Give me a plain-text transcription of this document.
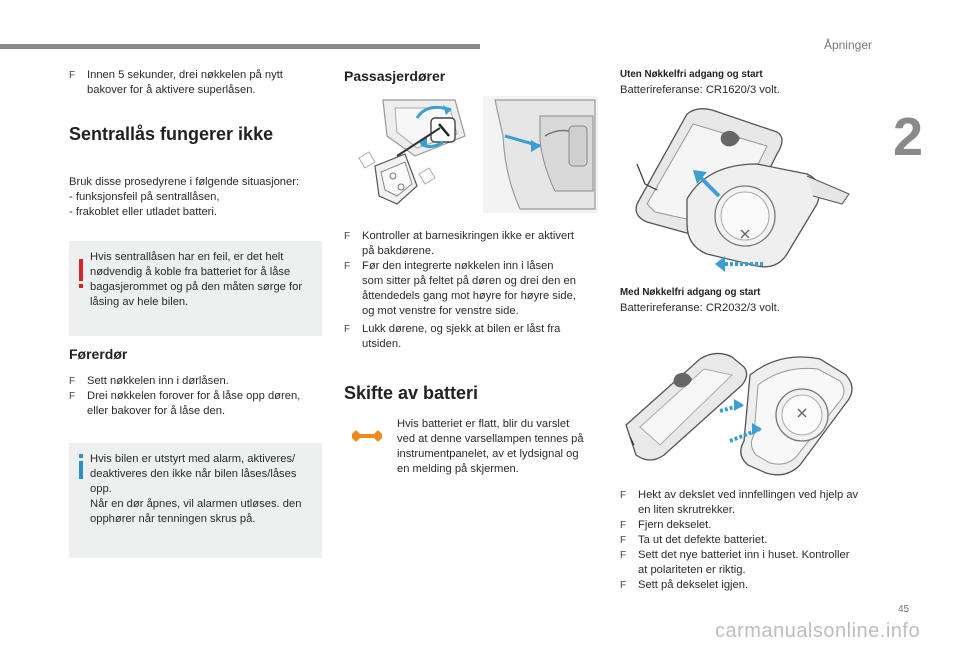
Åpninger
2
45
carmanualsonline.info
F Innen 5 sekunder, drei nøkkelen på nytt
bakover for å aktivere superlåsen.
Sentrallås fungerer ikke
Bruk disse prosedyrene i følgende situasjoner:
- funksjonsfeil på sentrallåsen,
- frakoblet eller utladet batteri.
Hvis sentrallåsen har en feil, er det helt
nødvendig å koble fra batteriet for å låse
bagasjerommet og på den måten sørge for
låsing av hele bilen.
Førerdør
F Sett nøkkelen inn i dørlåsen.
F Drei nøkkelen forover for å låse opp døren,
eller bakover for å låse den.
Hvis bilen er utstyrt med alarm, aktiveres/
deaktiveres den ikke når bilen låses/låses
opp.
Når en dør åpnes, vil alarmen utløses. den
opphører når tenningen skrus på.
Passasjerdører
F Kontroller at barnesikringen ikke er aktivert
på bakdørene.
F Før den integrerte nøkkelen inn i låsen
som sitter på feltet på døren og drei den en
åttendedels gang mot høyre for høyre side,
og mot venstre for venstre side.
F Lukk dørene, og sjekk at bilen er låst fra
utsiden.
Skifte av batteri
Hvis batteriet er flatt, blir du varslet
ved at denne varsellampen tennes på
instrumentpanelet, av et lydsignal og
en melding på skjermen.
Uten Nøkkelfri adgang og start
Batterireferanse: CR1620/3 volt.
Med Nøkkelfri adgang og start
Batterireferanse: CR2032/3 volt.
F Hekt av dekslet ved innfellingen ved hjelp av
en liten skrutrekker.
F Fjern dekselet.
F Ta ut det defekte batteriet.
F Sett det nye batteriet inn i huset. Kontroller
at polariteten er riktig.
F Sett på dekselet igjen.
